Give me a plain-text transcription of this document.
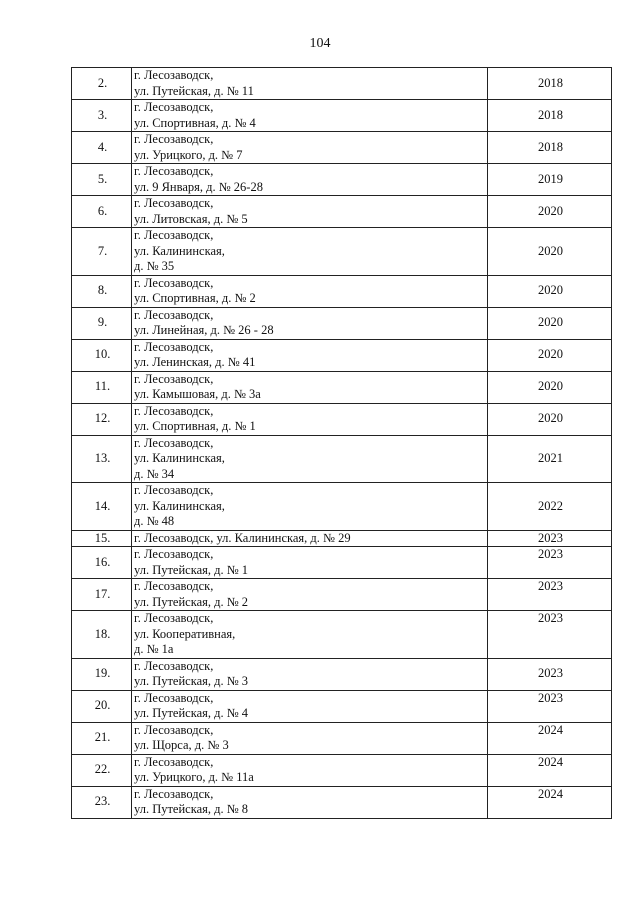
104
2.	г. Лесозаводск,
ул. Путейская, д. № 11	2018
3.	г. Лесозаводск,
ул. Спортивная, д. № 4	2018
4.	г. Лесозаводск,
ул. Урицкого, д. № 7	2018
5.	г. Лесозаводск,
ул. 9 Января, д. № 26-28	2019
6.	г. Лесозаводск,
ул. Литовская, д. № 5	2020
7.	г. Лесозаводск,
ул. Калининская,
д. № 35	2020
8.	г. Лесозаводск,
ул. Спортивная, д. № 2	2020
9.	г. Лесозаводск,
ул. Линейная, д. № 26 - 28	2020
10.	г. Лесозаводск,
ул. Ленинская, д. № 41	2020
11.	г. Лесозаводск,
ул. Камышовая, д. № 3а	2020
12.	г. Лесозаводск,
ул. Спортивная, д. № 1	2020
13.	г. Лесозаводск,
ул. Калининская,
д. № 34	2021
14.	г. Лесозаводск,
ул. Калининская,
д. № 48	2022
15.	г. Лесозаводск, ул. Калининская, д. № 29	2023
16.	г. Лесозаводск,
ул. Путейская, д. № 1	2023
17.	г. Лесозаводск,
ул. Путейская, д. № 2	2023
18.	г. Лесозаводск,
ул. Кооперативная,
д. № 1а	2023
19.	г. Лесозаводск,
ул. Путейская, д. № 3	2023
20.	г. Лесозаводск,
ул. Путейская, д. № 4	2023
21.	г. Лесозаводск,
ул. Щорса, д. № 3	2024
22.	г. Лесозаводск,
ул. Урицкого, д. № 11а	2024
23.	г. Лесозаводск,
ул. Путейская, д. № 8	2024
